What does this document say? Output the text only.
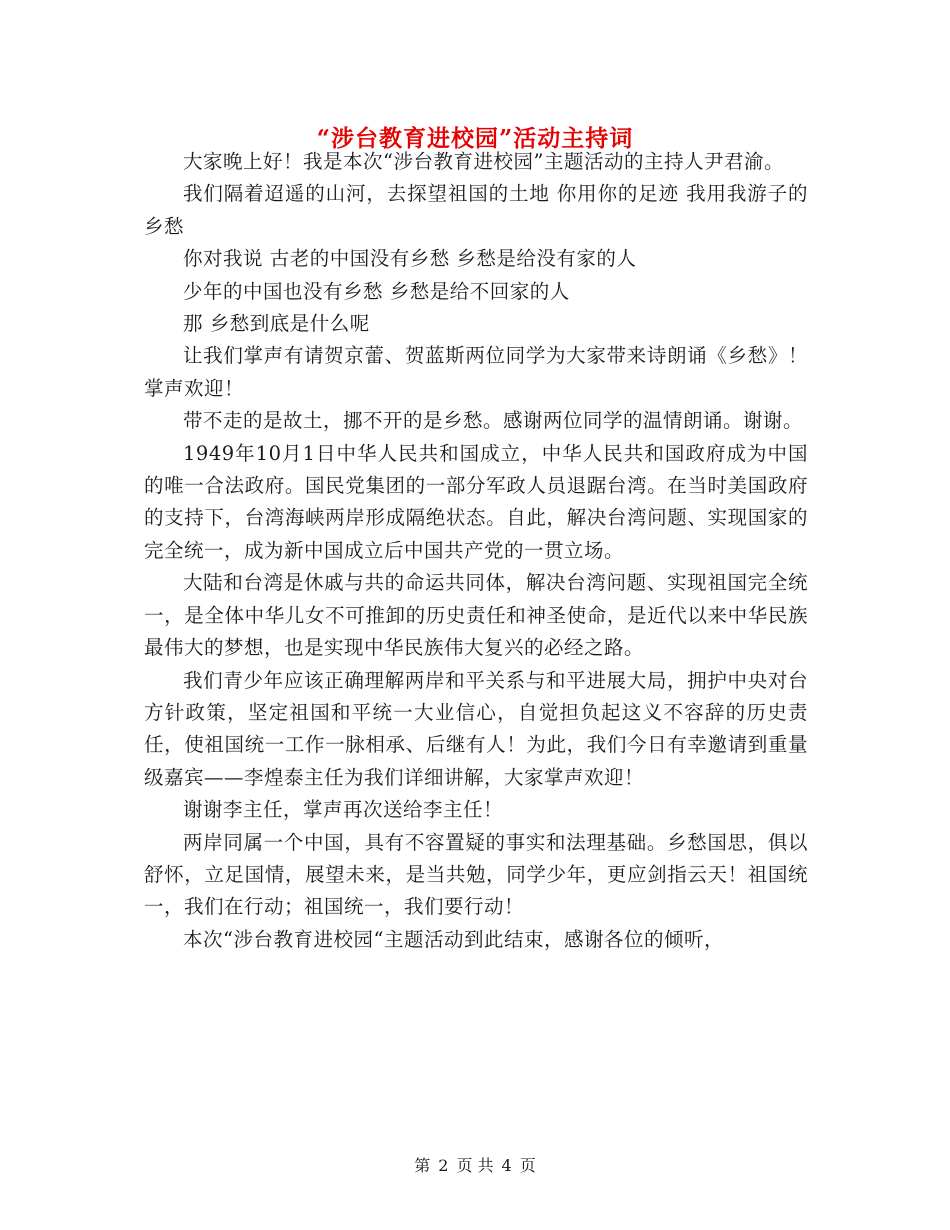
“涉台教育进校园”活动主持词

大家晚上好！我是本次“涉台教育进校园”主题活动的主持人尹君渝。

我们隔着迢遥的山河，去探望祖国的土地 你用你的足迹 我用我游子的乡愁

你对我说 古老的中国没有乡愁 乡愁是给没有家的人

少年的中国也没有乡愁 乡愁是给不回家的人

那 乡愁到底是什么呢

让我们掌声有请贺京蕾、贺蓝斯两位同学为大家带来诗朗诵《乡愁》！掌声欢迎！

带不走的是故土，挪不开的是乡愁。感谢两位同学的温情朗诵。谢谢。

1949年10月1日中华人民共和国成立，中华人民共和国政府成为中国的唯一合法政府。国民党集团的一部分军政人员退踞台湾。在当时美国政府的支持下，台湾海峡两岸形成隔绝状态。自此，解决台湾问题、实现国家的完全统一，成为新中国成立后中国共产党的一贯立场。

大陆和台湾是休戚与共的命运共同体，解决台湾问题、实现祖国完全统一，是全体中华儿女不可推卸的历史责任和神圣使命，是近代以来中华民族最伟大的梦想，也是实现中华民族伟大复兴的必经之路。

我们青少年应该正确理解两岸和平关系与和平进展大局，拥护中央对台方针政策，坚定祖国和平统一大业信心，自觉担负起这义不容辞的历史责任，使祖国统一工作一脉相承、后继有人！为此，我们今日有幸邀请到重量级嘉宾——李煌泰主任为我们详细讲解，大家掌声欢迎！

谢谢李主任，掌声再次送给李主任！

两岸同属一个中国，具有不容置疑的事实和法理基础。乡愁国思，俱以舒怀，立足国情，展望未来，是当共勉，同学少年，更应剑指云天！祖国统一，我们在行动；祖国统一，我们要行动！

本次“涉台教育进校园“主题活动到此结束，感谢各位的倾听，

第 2 页 共 4 页
